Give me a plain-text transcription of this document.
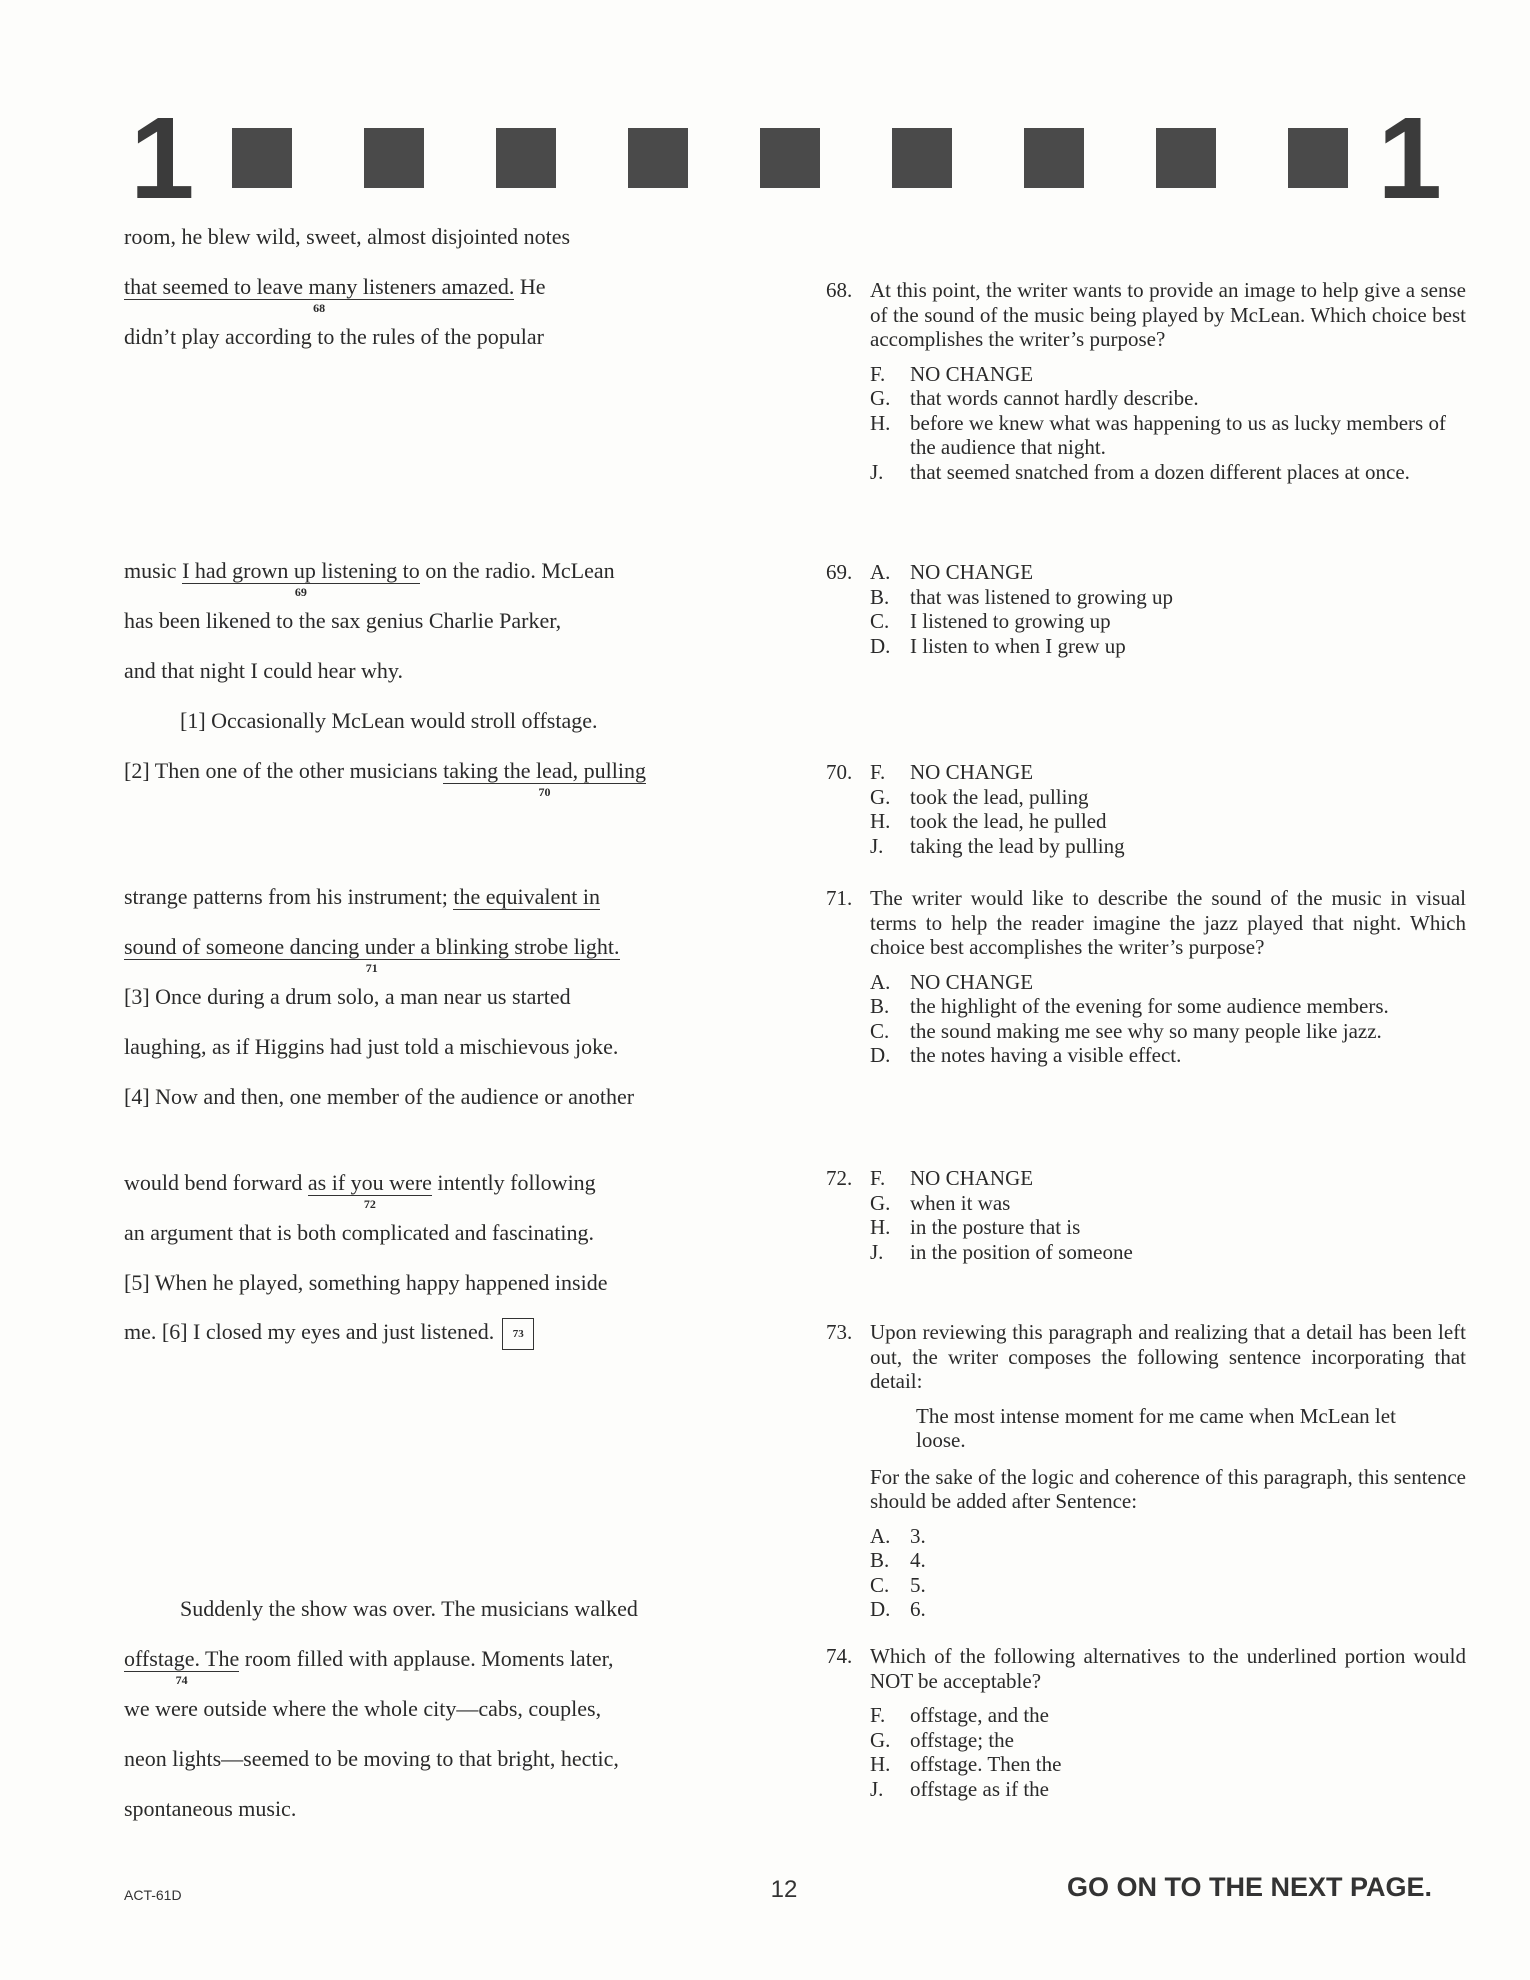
1	1
room, he blew wild, sweet, almost disjointed notes
that seemed to leave many listeners amazed.
68
He
didn’t play according to the rules of the popular
music I had grown up listening to
69
on the radio. McLean
has been likened to the sax genius Charlie Parker,
and that night I could hear why.
[1] Occasionally McLean would stroll offstage.
[2] Then one of the other musicians taking the lead, pulling
70
strange patterns from his instrument; the equivalent in
sound of someone dancing under a blinking strobe light.
71
[3] Once during a drum solo, a man near us started
laughing, as if Higgins had just told a mischievous joke.
[4] Now and then, one member of the audience or another
would bend forward as if you were
72
intently following
an argument that is both complicated and fascinating.
[5] When he played, something happy happened inside
me. [6] I closed my eyes and just listened. 73
Suddenly the show was over. The musicians walked
offstage. The
74
room filled with applause. Moments later,
we were outside where the whole city—cabs, couples,
neon lights—seemed to be moving to that bright, hectic,
spontaneous music.
68. At this point, the writer wants to provide an image to help give a sense of the sound of the music being played by McLean. Which choice best accomplishes the writer’s purpose?
F.	NO CHANGE
G. that words cannot hardly describe.
H. before we knew what was happening to us as lucky members of the audience that night.
J.	that seemed snatched from a dozen different places at once.
69. A. NO CHANGE
B. that was listened to growing up
C. I listened to growing up
D. I listen to when I grew up
70. F.	NO CHANGE
G. took the lead, pulling
H. took the lead, he pulled
J.	taking the lead by pulling
71. The writer would like to describe the sound of the music in visual terms to help the reader imagine the jazz played that night. Which choice best accomplishes the writer’s purpose?
A. NO CHANGE
B. the highlight of the evening for some audience members.
C. the sound making me see why so many people like jazz.
D. the notes having a visible effect.
72. F.	NO CHANGE
G. when it was
H. in the posture that is
J.	in the position of someone
73. Upon reviewing this paragraph and realizing that a detail has been left out, the writer composes the following sentence incorporating that detail:
The most intense moment for me came when McLean let loose.
For the sake of the logic and coherence of this paragraph, this sentence should be added after Sentence:
A. 3.
B. 4.
C. 5.
D. 6.
74. Which of the following alternatives to the underlined portion would NOT be acceptable?
F.	offstage, and the
G. offstage; the
H. offstage. Then the
J.	offstage as if the
ACT-61D	12	GO ON TO THE NEXT PAGE.
